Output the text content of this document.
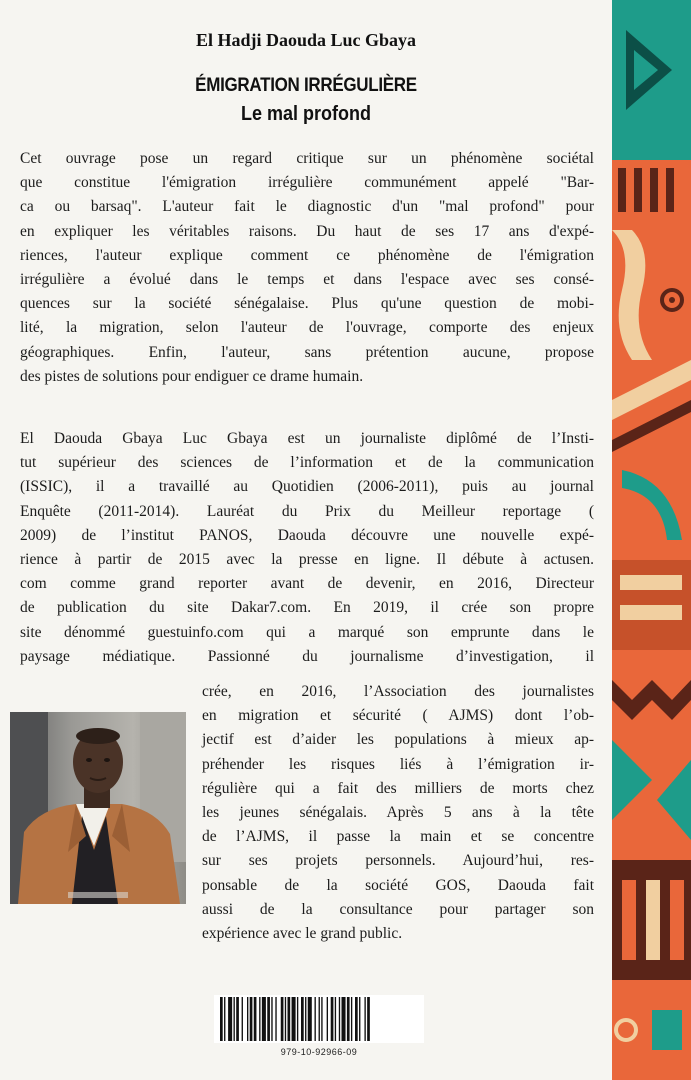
El Hadji Daouda Luc Gbaya
ÉMIGRATION IRRÉGULIÈRE
Le mal profond
Cet ouvrage pose un regard critique sur un phénomène sociétal
que constitue l'émigration irrégulière communément appelé "Bar-
ca ou barsaq". L'auteur fait le diagnostic d'un "mal profond" pour
en expliquer les véritables raisons. Du haut de ses 17 ans d'expé-
riences, l'auteur explique comment ce phénomène de l'émigration
irrégulière a évolué dans le temps et dans l'espace avec ses consé-
quences sur la société sénégalaise. Plus qu'une question de mobi-
lité, la migration, selon l'auteur de l'ouvrage, comporte des enjeux
géographiques. Enfin, l'auteur, sans prétention aucune, propose
des pistes de solutions pour endiguer ce drame humain.
El Daouda Gbaya Luc Gbaya est un journaliste diplômé de l’Insti-
tut supérieur des sciences de l’information et de la communication
(ISSIC), il a travaillé au Quotidien (2006-2011), puis au journal
Enquête (2011-2014). Lauréat du Prix du Meilleur reportage (
2009) de l’institut PANOS, Daouda découvre une nouvelle expé-
rience à partir de 2015 avec la presse en ligne. Il débute à actusen.
com comme grand reporter avant de devenir, en 2016, Directeur
de publication du site Dakar7.com. En 2019, il crée son propre
site dénommé guestuinfo.com qui a marqué son emprunte dans le
paysage médiatique. Passionné du journalisme d’investigation, il
crée, en 2016, l’Association des journalistes
en migration et sécurité ( AJMS) dont l’ob-
jectif est d’aider les populations à mieux ap-
préhender les risques liés à l’émigration ir-
régulière qui a fait des milliers de morts chez
les jeunes sénégalais. Après 5 ans à la tête
de l’AJMS, il passe la main et se concentre
sur ses projets personnels. Aujourd’hui, res-
ponsable de la société GOS, Daouda fait
aussi de la consultance pour partager son
expérience avec le grand public.
979-10-92966-09
